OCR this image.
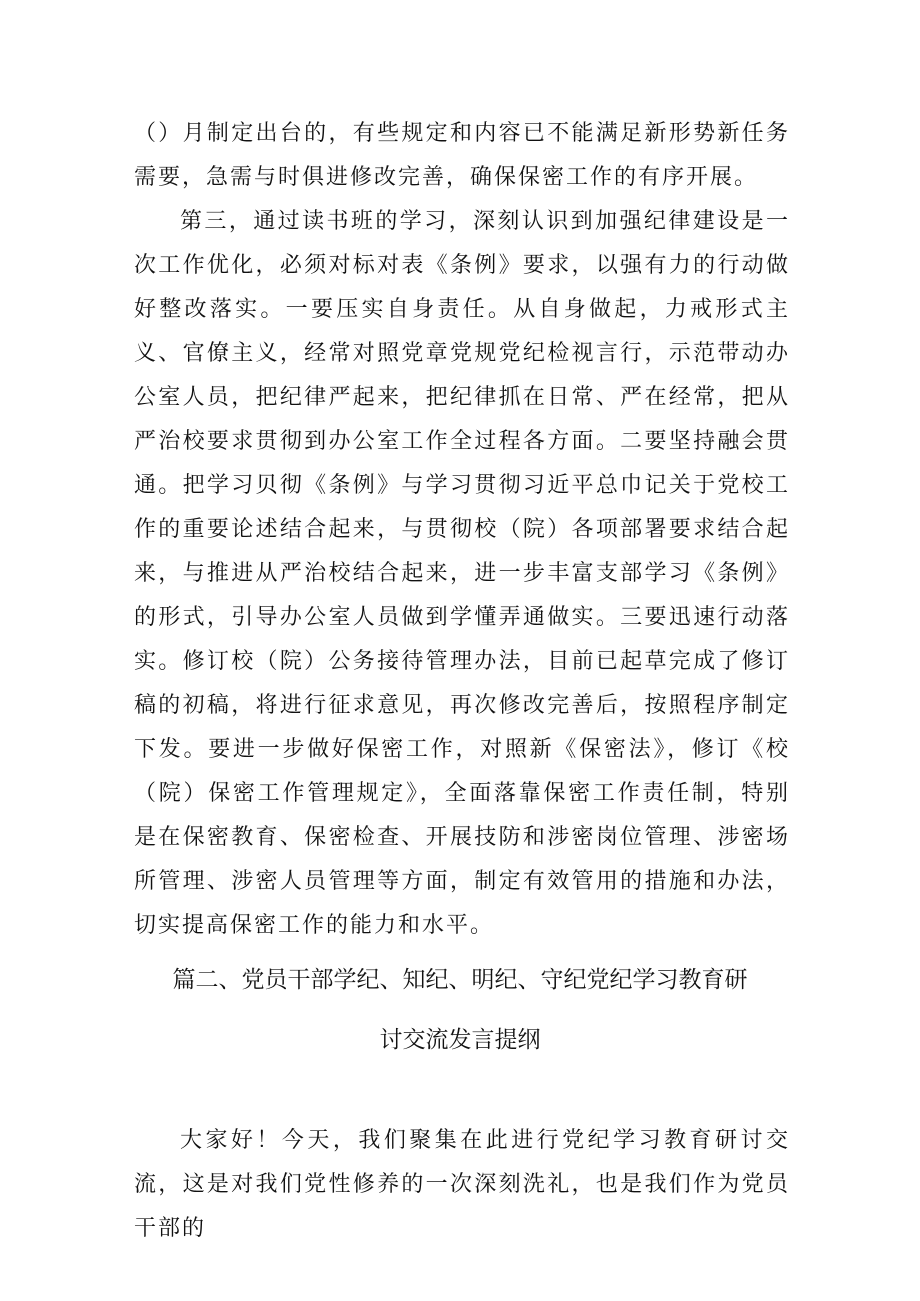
（）月制定出台的，有些规定和内容已不能满足新形势新任务需要，急需与时俱进修改完善，确保保密工作的有序开展。

第三，通过读书班的学习，深刻认识到加强纪律建设是一次工作优化，必须对标对表《条例》要求，以强有力的行动做好整改落实。一要压实自身责任。从自身做起，力戒形式主义、官僚主义，经常对照党章党规党纪检视言行，示范带动办公室人员，把纪律严起来，把纪律抓在日常、严在经常，把从严治校要求贯彻到办公室工作全过程各方面。二要坚持融会贯通。把学习贝彻《条例》与学习贯彻习近平总巾记关于党校工作的重要论述结合起来，与贯彻校（院）各项部署要求结合起来，与推进从严治校结合起来，进一步丰富支部学习《条例》的形式，引导办公室人员做到学懂弄通做实。三要迅速行动落实。修订校（院）公务接待管理办法，目前已起草完成了修订稿的初稿，将进行征求意见，再次修改完善后，按照程序制定下发。要进一步做好保密工作，对照新《保密法》，修订《校（院）保密工作管理规定》，全面落靠保密工作责任制，特别是在保密教育、保密检查、开展技防和涉密岗位管理、涉密场所管理、涉密人员管理等方面，制定有效管用的措施和办法，切实提高保密工作的能力和水平。

篇二、党员干部学纪、知纪、明纪、守纪党纪学习教育研
讨交流发言提纲

大家好！今天，我们聚集在此进行党纪学习教育研讨交流，这是对我们党性修养的一次深刻洗礼，也是我们作为党员干部的
